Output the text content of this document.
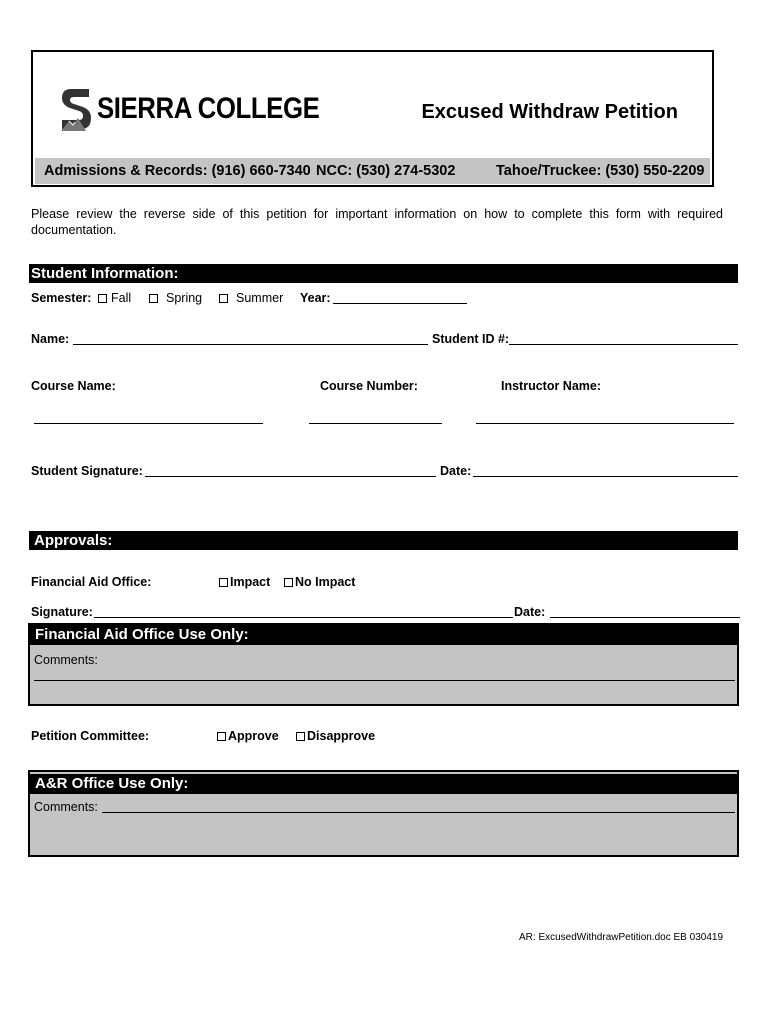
SIERRA COLLEGE	Excused Withdraw Petition
Admissions & Records: (916) 660-7340 NCC: (530) 274-5302	Tahoe/Truckee: (530) 550-2209
Please review the reverse side of this petition for important information on how to complete this form with required documentation.
Student Information:
Semester:	Fall	Spring	Summer Year:
Name:	Student ID #:
Course Name:	Course Number:	Instructor Name:
Student Signature:	Date:
Approvals:
Financial Aid Office:	Impact	No Impact
Signature:	Date:
Financial Aid Office Use Only:
Comments:
Petition Committee:	Approve	Disapprove
A&R Office Use Only:
Comments:
AR: ExcusedWithdrawPetition.doc EB 030419
